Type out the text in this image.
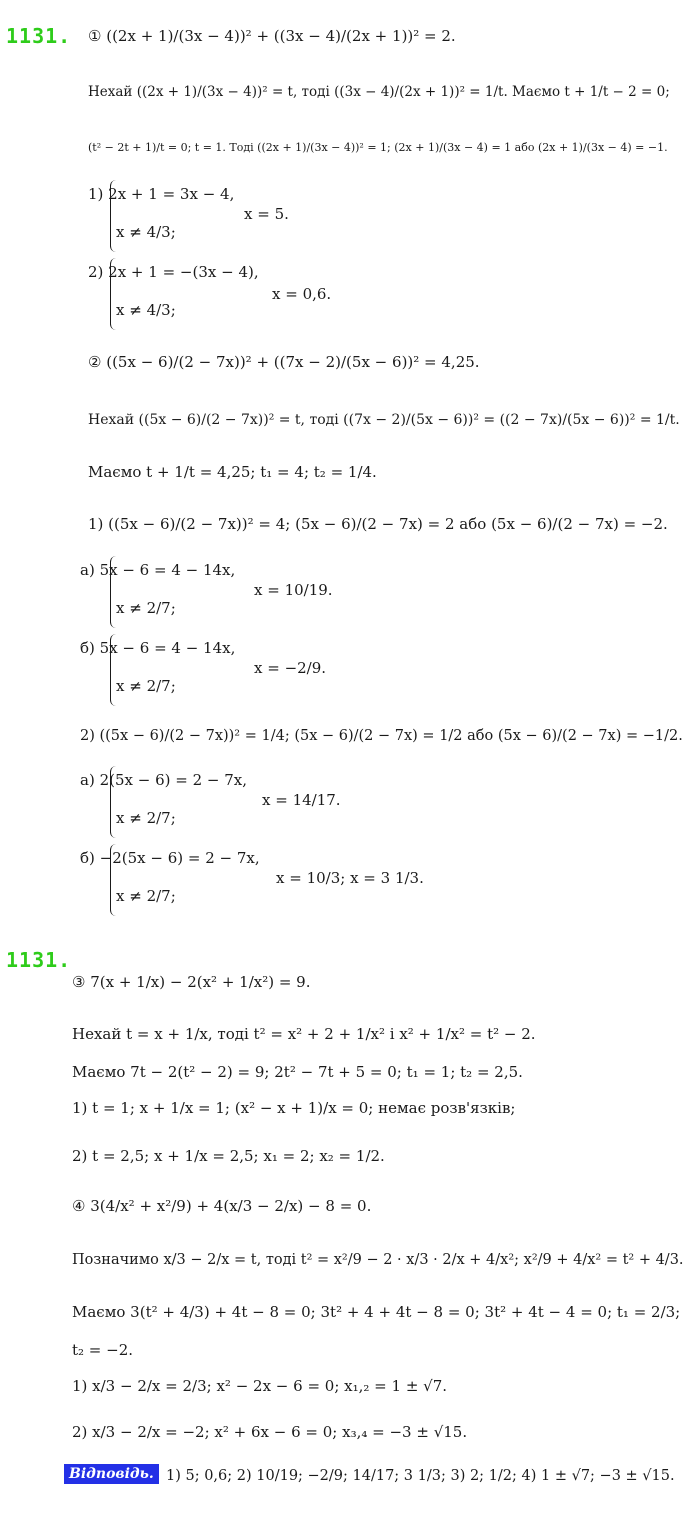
1131. ① ((2x + 1)/(3x − 4))² + ((3x − 4)/(2x + 1))² = 2.
Нехай ((2x + 1)/(3x − 4))² = t, тоді ((3x − 4)/(2x + 1))² = 1/t. Маємо t + 1/t − 2 = 0;
(t² − 2t + 1)/t = 0; t = 1. Тоді ((2x + 1)/(3x − 4))² = 1; (2x + 1)/(3x − 4) = 1 або (2x + 1)/(3x − 4) = −1.
1) 2x + 1 = 3x − 4,
x ≠ 4/3;
x = 5.
2) 2x + 1 = −(3x − 4),
x ≠ 4/3;
x = 0,6.
② ((5x − 6)/(2 − 7x))² + ((7x − 2)/(5x − 6))² = 4,25.
Нехай ((5x − 6)/(2 − 7x))² = t, тоді ((7x − 2)/(5x − 6))² = ((2 − 7x)/(5x − 6))² = 1/t.
Маємо t + 1/t = 4,25; t₁ = 4; t₂ = 1/4.
1) ((5x − 6)/(2 − 7x))² = 4; (5x − 6)/(2 − 7x) = 2 або (5x − 6)/(2 − 7x) = −2.
а) 5x − 6 = 4 − 14x,
x ≠ 2/7;
x = 10/19.
б) 5x − 6 = 4 − 14x,
x ≠ 2/7;
x = −2/9.
2) ((5x − 6)/(2 − 7x))² = 1/4; (5x − 6)/(2 − 7x) = 1/2 або (5x − 6)/(2 − 7x) = −1/2.
а) 2(5x − 6) = 2 − 7x,
x ≠ 2/7;
x = 14/17.
б) −2(5x − 6) = 2 − 7x,
x ≠ 2/7;
x = 10/3; x = 3 1/3.
1131.
③ 7(x + 1/x) − 2(x² + 1/x²) = 9.
Нехай t = x + 1/x, тоді t² = x² + 2 + 1/x² і x² + 1/x² = t² − 2.
Маємо 7t − 2(t² − 2) = 9; 2t² − 7t + 5 = 0; t₁ = 1; t₂ = 2,5.
1) t = 1; x + 1/x = 1; (x² − x + 1)/x = 0; немає розв'язків;
2) t = 2,5; x + 1/x = 2,5; x₁ = 2; x₂ = 1/2.
④ 3(4/x² + x²/9) + 4(x/3 − 2/x) − 8 = 0.
Позначимо x/3 − 2/x = t, тоді t² = x²/9 − 2 · x/3 · 2/x + 4/x²; x²/9 + 4/x² = t² + 4/3.
Маємо 3(t² + 4/3) + 4t − 8 = 0; 3t² + 4 + 4t − 8 = 0; 3t² + 4t − 4 = 0; t₁ = 2/3;
t₂ = −2.
1) x/3 − 2/x = 2/3; x² − 2x − 6 = 0; x₁,₂ = 1 ± √7.
2) x/3 − 2/x = −2; x² + 6x − 6 = 0; x₃,₄ = −3 ± √15.
Відповідь. 1) 5; 0,6; 2) 10/19; −2/9; 14/17; 3 1/3; 3) 2; 1/2; 4) 1 ± √7; −3 ± √15.
